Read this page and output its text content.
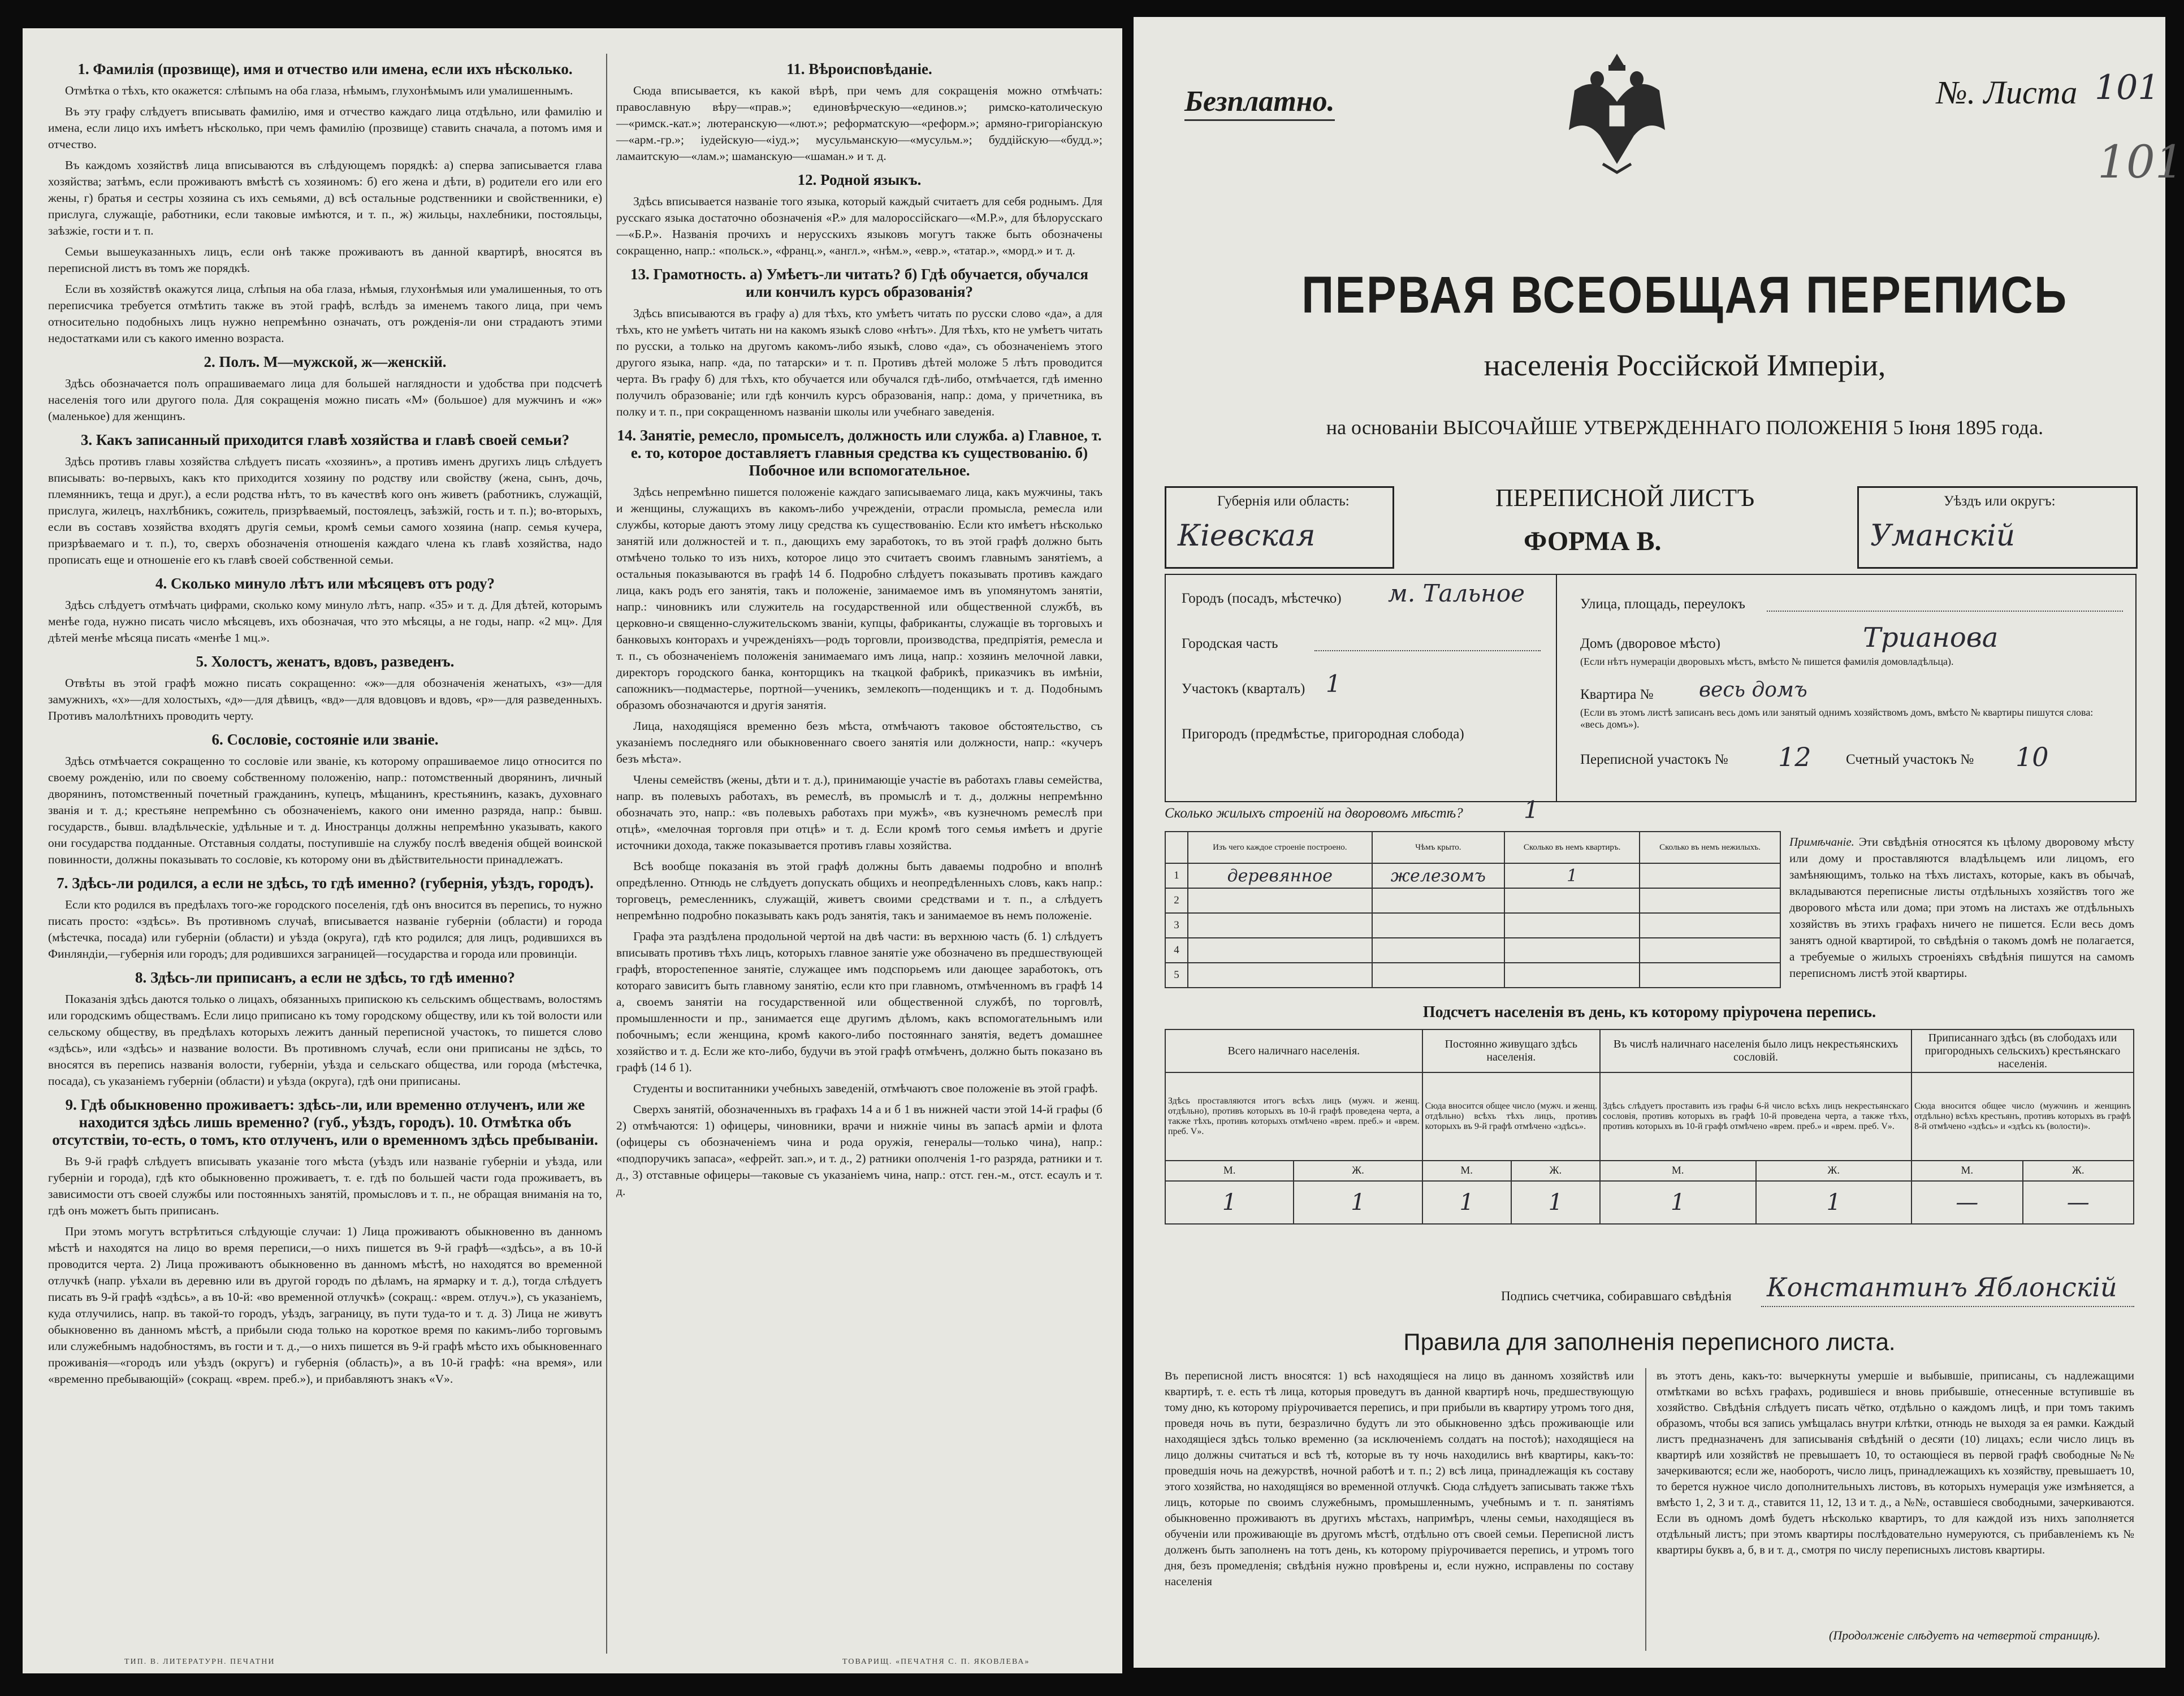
1. Фамилія (прозвище), имя и отчество или имена, если ихъ нѣсколько.
Отмѣтка о тѣхъ, кто окажется: слѣпымъ на оба глаза, нѣмымъ, глухонѣмымъ или умалишеннымъ.
Въ эту графу слѣдуетъ вписывать фамилію, имя и отчество каждаго лица отдѣльно, или фамилію и имена, если лицо ихъ имѣетъ нѣсколько, при чемъ фамилію (прозвище) ставить сначала, а потомъ имя и отчество.
Въ каждомъ хозяйствѣ лица вписываются въ слѣдующемъ порядкѣ: а) сперва записывается глава хозяйства; затѣмъ, если проживаютъ вмѣстѣ съ хозяиномъ: б) его жена и дѣти, в) родители его или его жены, г) братья и сестры хозяина съ ихъ семьями, д) всѣ остальные родственники и свойственники, е) прислуга, служащіе, работники, если таковые имѣются, и т. п., ж) жильцы, нахлебники, постояльцы, заѣзжіе, гости и т. п.
Семьи вышеуказанныхъ лицъ, если онѣ также проживаютъ въ данной квартирѣ, вносятся въ переписной листъ въ томъ же порядкѣ.
Если въ хозяйствѣ окажутся лица, слѣпыя на оба глаза, нѣмыя, глухонѣмыя или умалишенныя, то отъ переписчика требуется отмѣтить также въ этой графѣ, вслѣдъ за именемъ такого лица, при чемъ относительно подобныхъ лицъ нужно непремѣнно означать, отъ рожденія-ли они страдаютъ этими недостатками или съ какого именно возраста.
2. Полъ. М—мужской, ж—женскій.
Здѣсь обозначается полъ опрашиваемаго лица для большей наглядности и удобства при подсчетѣ населенія того или другого пола. Для сокращенія можно писать «М» (большое) для мужчинъ и «ж» (маленькое) для женщинъ.
3. Какъ записанный приходится главѣ хозяйства и главѣ своей семьи?
Здѣсь противъ главы хозяйства слѣдуетъ писать «хозяинъ», а противъ именъ другихъ лицъ слѣдуетъ вписывать: во-первыхъ, какъ кто приходится хозяину по родству или свойству (жена, сынъ, дочь, племянникъ, теща и друг.), а если родства нѣтъ, то въ качествѣ кого онъ живетъ (работникъ, служащій, прислуга, жилецъ, нахлѣбникъ, сожитель, призрѣваемый, постоялецъ, заѣзжій, гость и т. п.); во-вторыхъ, если въ составъ хозяйства входятъ другія семьи, кромѣ семьи самого хозяина (напр. семья кучера, призрѣваемаго и т. п.), то, сверхъ обозначенія отношенія каждаго члена къ главѣ хозяйства, надо прописать еще и отношеніе его къ главѣ своей собственной семьи.
4. Сколько минуло лѣтъ или мѣсяцевъ отъ роду?
Здѣсь слѣдуетъ отмѣчать цифрами, сколько кому минуло лѣтъ, напр. «35» и т. д. Для дѣтей, которымъ менѣе года, нужно писать число мѣсяцевъ, ихъ обозначая, что это мѣсяцы, а не годы, напр. «2 мц». Для дѣтей менѣе мѣсяца писать «менѣе 1 мц.».
5. Холостъ, женатъ, вдовъ, разведенъ.
Отвѣты въ этой графѣ можно писать сокращенно: «ж»—для обозначенія женатыхъ, «з»—для замужнихъ, «х»—для холостыхъ, «д»—для дѣвицъ, «вд»—для вдовцовъ и вдовъ, «р»—для разведенныхъ. Противъ малолѣтнихъ проводить черту.
6. Сословіе, состояніе или званіе.
Здѣсь отмѣчается сокращенно то сословіе или званіе, къ которому опрашиваемое лицо относится по своему рожденію, или по своему собственному положенію, напр.: потомственный дворянинъ, личный дворянинъ, потомственный почетный гражданинъ, купецъ, мѣщанинъ, крестьянинъ, казакъ, духовнаго званія и т. д.; крестьяне непремѣнно съ обозначеніемъ, какого они именно разряда, напр.: бывш. государств., бывш. владѣльческіе, удѣльные и т. д. Иностранцы должны непремѣнно указывать, какого они государства подданные. Отставныя солдаты, поступившіе на службу послѣ введенія общей воинской повинности, должны показывать то сословіе, къ которому они въ дѣйствительности принадлежатъ.
7. Здѣсь-ли родился, а если не здѣсь, то гдѣ именно? (губернія, уѣздъ, городъ).
Если кто родился въ предѣлахъ того-же городского поселенія, гдѣ онъ вносится въ перепись, то нужно писать просто: «здѣсь». Въ противномъ случаѣ, вписывается названіе губерніи (области) и города (мѣстечка, посада) или губерніи (области) и уѣзда (округа), гдѣ кто родился; для лицъ, родившихся въ Финляндіи,—губернія или городъ; для родившихся заграницей—государства и города или провинціи.
8. Здѣсь-ли приписанъ, а если не здѣсь, то гдѣ именно?
Показанія здѣсь даются только о лицахъ, обязанныхъ припискою къ сельскимъ обществамъ, волостямъ или городскимъ обществамъ. Если лицо приписано къ тому городскому обществу, или къ той волости или сельскому обществу, въ предѣлахъ которыхъ лежитъ данный переписной участокъ, то пишется слово «здѣсь», или «здѣсь» и название волости. Въ противномъ случаѣ, если они приписаны не здѣсь, то вносятся въ перепись названія волости, губерніи, уѣзда и сельскаго общества, или города (мѣстечка, посада), съ указаніемъ губерніи (области) и уѣзда (округа), гдѣ они приписаны.
9. Гдѣ обыкновенно проживаетъ: здѣсь-ли, или временно отлученъ, или же находится здѣсь лишь временно? (губ., уѣздъ, городъ). 10. Отмѣтка объ отсутствіи, то-есть, о томъ, кто отлученъ, или о временномъ здѣсь пребываніи.
Въ 9-й графѣ слѣдуетъ вписывать указаніе того мѣста (уѣздъ или названіе губерніи и уѣзда, или губерніи и города), гдѣ кто обыкновенно проживаетъ, т. е. гдѣ по большей части года проживаетъ, въ зависимости отъ своей службы или постоянныхъ занятій, промысловъ и т. п., не обращая вниманія на то, гдѣ онъ можетъ быть приписанъ.
При этомъ могутъ встрѣтиться слѣдующіе случаи: 1) Лица проживаютъ обыкновенно въ данномъ мѣстѣ и находятся на лицо во время переписи,—о нихъ пишется въ 9-й графѣ—«здѣсь», а въ 10-й проводится черта. 2) Лица проживаютъ обыкновенно въ данномъ мѣстѣ, но находятся во временной отлучкѣ (напр. уѣхали въ деревню или въ другой городъ по дѣламъ, на ярмарку и т. д.), тогда слѣдуетъ писать въ 9-й графѣ «здѣсь», а въ 10-й: «во временной отлучкѣ» (сокращ.: «врем. отлуч.»), съ указаніемъ, куда отлучились, напр. въ такой-то городъ, уѣздъ, заграницу, въ пути туда-то и т. д. 3) Лица не живутъ обыкновенно въ данномъ мѣстѣ, а прибыли сюда только на короткое время по какимъ-либо торговымъ или служебнымъ надобностямъ, въ гости и т. д.,—о нихъ пишется въ 9-й графѣ мѣсто ихъ обыкновеннаго проживанія—«городъ или уѣздъ (округъ) и губернія (область)», а въ 10-й графѣ: «на время», или «временно пребывающій» (сокращ. «врем. преб.»), и прибавляютъ знакъ «V».
11. Вѣроисповѣданіе.
Сюда вписывается, къ какой вѣрѣ, при чемъ для сокращенія можно отмѣчать: православную вѣру—«прав.»; единовѣрческую—«единов.»; римско-католическую—«римск.-кат.»; лютеранскую—«лют.»; реформатскую—«реформ.»; армяно-григоріанскую—«арм.-гр.»; іудейскую—«іуд.»; мусульманскую—«мусульм.»; буддійскую—«будд.»; ламаитскую—«лам.»; шаманскую—«шаман.» и т. д.
12. Родной языкъ.
Здѣсь вписывается названіе того языка, который каждый считаетъ для себя роднымъ. Для русскаго языка достаточно обозначенія «Р.» для малороссійскаго—«М.Р.», для бѣлорусскаго—«Б.Р.». Названія прочихъ и нерусскихъ языковъ могутъ также быть обозначены сокращенно, напр.: «польск.», «франц.», «англ.», «нѣм.», «евр.», «татар.», «морд.» и т. д.
13. Грамотность. а) Умѣетъ-ли читать? б) Гдѣ обучается, обучался или кончилъ курсъ образованія?
Здѣсь вписываются въ графу а) для тѣхъ, кто умѣетъ читать по русски слово «да», а для тѣхъ, кто не умѣетъ читать ни на какомъ языкѣ слово «нѣтъ». Для тѣхъ, кто не умѣетъ читать по русски, а только на другомъ какомъ-либо языкѣ, слово «да», съ обозначеніемъ этого другого языка, напр. «да, по татарски» и т. п. Противъ дѣтей моложе 5 лѣтъ проводится черта. Въ графу б) для тѣхъ, кто обучается или обучался гдѣ-либо, отмѣчается, гдѣ именно получилъ образованіе; или гдѣ кончилъ курсъ образованія, напр.: дома, у причетника, въ полку и т. п., при сокращенномъ названіи школы или учебнаго заведенія.
14. Занятіе, ремесло, промыселъ, должность или служба. а) Главное, т. е. то, которое доставляетъ главныя средства къ существованію. б) Побочное или вспомогательное.
Здѣсь непремѣнно пишется положеніе каждаго записываемаго лица, какъ мужчины, такъ и женщины, служащихъ въ какомъ-либо учрежденіи, отрасли промысла, ремесла или службы, которые даютъ этому лицу средства къ существованію. Если кто имѣетъ нѣсколько занятій или должностей и т. п., дающихъ ему заработокъ, то въ этой графѣ должно быть отмѣчено только то изъ нихъ, которое лицо это считаетъ своимъ главнымъ занятіемъ, а остальныя показываются въ графѣ 14 б. Подробно слѣдуетъ показывать противъ каждаго лица, какъ родъ его занятія, такъ и положеніе, занимаемое имъ въ упомянутомъ занятіи, напр.: чиновникъ или служитель на государственной или общественной службѣ, въ церковно-и священно-служительскомъ званіи, купцы, фабриканты, служащіе въ торговыхъ и банковыхъ конторахъ и учрежденіяхъ—родъ торговли, производства, предпріятія, ремесла и т. п., съ обозначеніемъ положенія занимаемаго имъ лица, напр.: хозяинъ мелочной лавки, директоръ городского банка, конторщикъ на ткацкой фабрикѣ, приказчикъ въ имѣніи, сапожникъ—подмастерье, портной—ученикъ, землекопъ—поденщикъ и т. д. Подобнымъ образомъ обозначаются и другія занятія.
Лица, находящіяся временно безъ мѣста, отмѣчаютъ таковое обстоятельство, съ указаніемъ последняго или обыкновеннаго своего занятія или должности, напр.: «кучеръ безъ мѣста».
Члены семействъ (жены, дѣти и т. д.), принимающіе участіе въ работахъ главы семейства, напр. въ полевыхъ работахъ, въ ремеслѣ, въ промыслѣ и т. д., должны непремѣнно обозначать это, напр.: «въ полевыхъ работахъ при мужѣ», «въ кузнечномъ ремеслѣ при отцѣ», «мелочная торговля при отцѣ» и т. д. Если кромѣ того семья имѣетъ и другіе источники дохода, также показывается противъ главы хозяйства.
Всѣ вообще показанія въ этой графѣ должны быть даваемы подробно и вполнѣ опредѣленно. Отнюдь не слѣдуетъ допускать общихъ и неопредѣленныхъ словъ, какъ напр.: торговецъ, ремесленникъ, служащій, живетъ своими средствами и т. п., а слѣдуетъ непремѣнно подробно показывать какъ родъ занятія, такъ и занимаемое въ немъ положеніе.
Графа эта раздѣлена продольной чертой на двѣ части: въ верхнюю часть (б. 1) слѣдуетъ вписывать противъ тѣхъ лицъ, которыхъ главное занятіе уже обозначено въ предшествующей графѣ, второстепенное занятіе, служащее имъ подспорьемъ или дающее заработокъ, отъ котораго зависитъ быть главному занятію, если кто при главномъ, отмѣченномъ въ графѣ 14 а, своемъ занятіи на государственной или общественной службѣ, по торговлѣ, промышленности и пр., занимается еще другимъ дѣломъ, какъ вспомогательнымъ или побочнымъ; если женщина, кромѣ какого-либо постояннаго занятія, ведетъ домашнее хозяйство и т. д. Если же кто-либо, будучи въ этой графѣ отмѣченъ, должно быть показано въ графѣ (14 б 1).
Студенты и воспитанники учебныхъ заведеній, отмѣчаютъ свое положеніе въ этой графѣ.
Сверхъ занятій, обозначенныхъ въ графахъ 14 а и б 1 въ нижней части этой 14-й графы (б 2) отмѣчаются: 1) офицеры, чиновники, врачи и нижніе чины въ запасѣ арміи и флота (офицеры съ обозначеніемъ чина и рода оружія, генералы—только чина), напр.: «подпоручикъ запаса», «ефрейт. зап.», и т. д., 2) ратники ополченія 1-го разряда, ратники и т. д., 3) отставные офицеры—таковые съ указаніемъ чина, напр.: отст. ген.-м., отст. есаулъ и т. д.
ТИП. В. ЛИТЕРАТУРН. ПЕЧАТНИ	ТОВАРИЩ. «ПЕЧАТНЯ С. П. ЯКОВЛЕВА»
Безплатно.	№. Листа 101
101
ПЕРВАЯ ВСЕОБЩАЯ ПЕРЕПИСЬ
населенія Россійской Имперіи,
на основаніи ВЫСОЧАЙШЕ УТВЕРЖДЕННАГО ПОЛОЖЕНІЯ 5 Іюня 1895 года.
Губернія или область:
Кіевская
ПЕРЕПИСНОЙ ЛИСТЪ
ФОРМА В.
Уѣздъ или округъ:
Уманскій
Городъ (посадъ, мѣстечко) м. Тальное
Городская часть
Участокъ (кварталъ) 1
Пригородъ (предмѣстье, пригородная слобода)
Улица, площадь, переулокъ
Домъ (дворовое мѣсто)	Трианова
(Если нѣтъ нумераціи дворовыхъ мѣстъ, вмѣсто № пишется фамилія домовладѣльца).
Квартира № весь домъ
(Если въ этомъ листѣ записанъ весь домъ или занятый однимъ хозяйствомъ домъ, вмѣсто № квартиры пишутся слова: «весь домъ»).
Переписной участокъ № 12 Счетный участокъ № 10
Сколько жилыхъ строеній на дворовомъ мѣстѣ?	1
	Изъ чего каждое строеніе построено.	Чѣмъ крыто.	Сколько въ немъ квартиръ.	Сколько въ немъ нежилыхъ.
1	деревянное	железомъ	1	
2				
3				
4				
5				
Примѣчаніе. Эти свѣдѣнія относятся къ цѣлому дворовому мѣсту или дому и проставляются владѣльцемъ или лицомъ, его замѣняющимъ, только на тѣхъ листахъ, которые, какъ въ обычаѣ, вкладываются переписные листы отдѣльныхъ хозяйствъ того же дворового мѣста или дома; при этомъ на листахъ же отдѣльныхъ хозяйствъ въ этихъ графахъ ничего не пишется. Если весь домъ занятъ одной квартирой, то свѣдѣнія о такомъ домѣ не полагается, а требуемые о жилыхъ строеніяхъ свѣдѣнія пишутся на самомъ переписномъ листѣ этой квартиры.
Подсчетъ населенія въ день, къ которому пріурочена перепись.
Всего наличнаго населенія.		Постоянно живущаго здѣсь населенія.		Въ числѣ наличнаго населенія было лицъ некрестьянскихъ сословій.		Приписаннаго здѣсь (въ слободахъ или пригородныхъ сельскихъ) крестьянскаго населенія.	
Здѣсь проставляются итогъ всѣхъ лицъ (мужч. и женщ. отдѣльно), противъ которыхъ въ 10-й графѣ проведена черта, а также тѣхъ, противъ которыхъ отмѣчено «врем. преб.» и «врем. преб. V».		Сюда вносится общее число (мужч. и женщ. отдѣльно) всѣхъ тѣхъ лицъ, противъ которыхъ въ 9-й графѣ отмѣчено «здѣсь».		Здѣсь слѣдуетъ проставить изъ графы 6-й число всѣхъ лицъ некрестьянскаго сословія, противъ которыхъ въ графѣ 10-й проведена черта, а также тѣхъ, противъ которыхъ въ 10-й графѣ отмѣчено «врем. преб.» и «врем. преб. V».		Сюда вносится общее число (мужчинъ и женщинъ отдѣльно) всѣхъ крестьянъ, противъ которыхъ въ графѣ 8-й отмѣчено «здѣсь» и «здѣсь къ (волости)».	
М.	Ж.	М.	Ж.	М.	Ж.	М.	Ж.
1	1	1	1	1	1	—	—
Подпись счетчика, собиравшаго свѣдѣнія Константинъ Яблонскій
Правила для заполненія переписного листа.
Въ переписной листъ вносятся: 1) всѣ находящіеся на лицо въ данномъ хозяйствѣ или квартирѣ, т. е. есть тѣ лица, которыя проведутъ въ данной квартирѣ ночь, предшествующую тому дню, къ которому пріурочивается перепись, и при прибыли въ квартиру утромъ того дня, проведя ночь въ пути, безразлично будутъ ли это обыкновенно здѣсь проживающіе или находящіеся здѣсь только временно (за исключеніемъ солдатъ на постоѣ); находящіеся на лицо должны считаться и всѣ тѣ, которые въ ту ночь находились внѣ квартиры, какъ-то: проведшія ночь на дежурствѣ, ночной работѣ и т. п.; 2) всѣ лица, принадлежащія къ составу этого хозяйства, но находящіяся во временной отлучкѣ. Сюда слѣдуетъ записывать также тѣхъ лицъ, которые по своимъ служебнымъ, промышленнымъ, учебнымъ и т. п. занятіямъ обыкновенно проживаютъ въ другихъ мѣстахъ, напримѣръ, члены семьи, находящіеся въ обученіи или проживающіе въ другомъ мѣстѣ, отдѣльно отъ своей семьи. Переписной листъ долженъ быть заполненъ на тотъ день, къ которому пріурочивается перепись, и утромъ того дня, безъ промедленія; свѣдѣнія нужно провѣрены и, если нужно, исправлены по составу населенія
въ этотъ день, какъ-то: вычеркнуты умершіе и выбывшіе, приписаны, съ надлежащими отмѣтками во всѣхъ графахъ, родившіеся и вновь прибывшіе, отнесенные вступившіе въ хозяйство. Свѣдѣнія слѣдуетъ писать чётко, отдѣльно о каждомъ лицѣ, и при томъ такимъ образомъ, чтобы вся запись умѣщалась внутри клѣтки, отнюдь не выходя за ея рамки. Каждый листъ предназначенъ для записыванія свѣдѣній о десяти (10) лицахъ; если число лицъ въ квартирѣ или хозяйствѣ не превышаетъ 10, то остающіеся въ первой графѣ свободные №№ зачеркиваются; если же, наоборотъ, число лицъ, принадлежащихъ къ хозяйству, превышаетъ 10, то берется нужное число дополнительныхъ листовъ, въ которыхъ нумерація уже измѣняется, а вмѣсто 1, 2, 3 и т. д., ставится 11, 12, 13 и т. д., а №№, оставшіеся свободными, зачеркиваются. Если въ одномъ домѣ будетъ нѣсколько квартиръ, то для каждой изъ нихъ заполняется отдѣльный листъ; при этомъ квартиры послѣдовательно нумеруются, съ прибавленіемъ къ № квартиры буквъ а, б, в и т. д., смотря по числу переписныхъ листовъ квартиры.
(Продолженіе слѣдуетъ на четвертой страницѣ).
